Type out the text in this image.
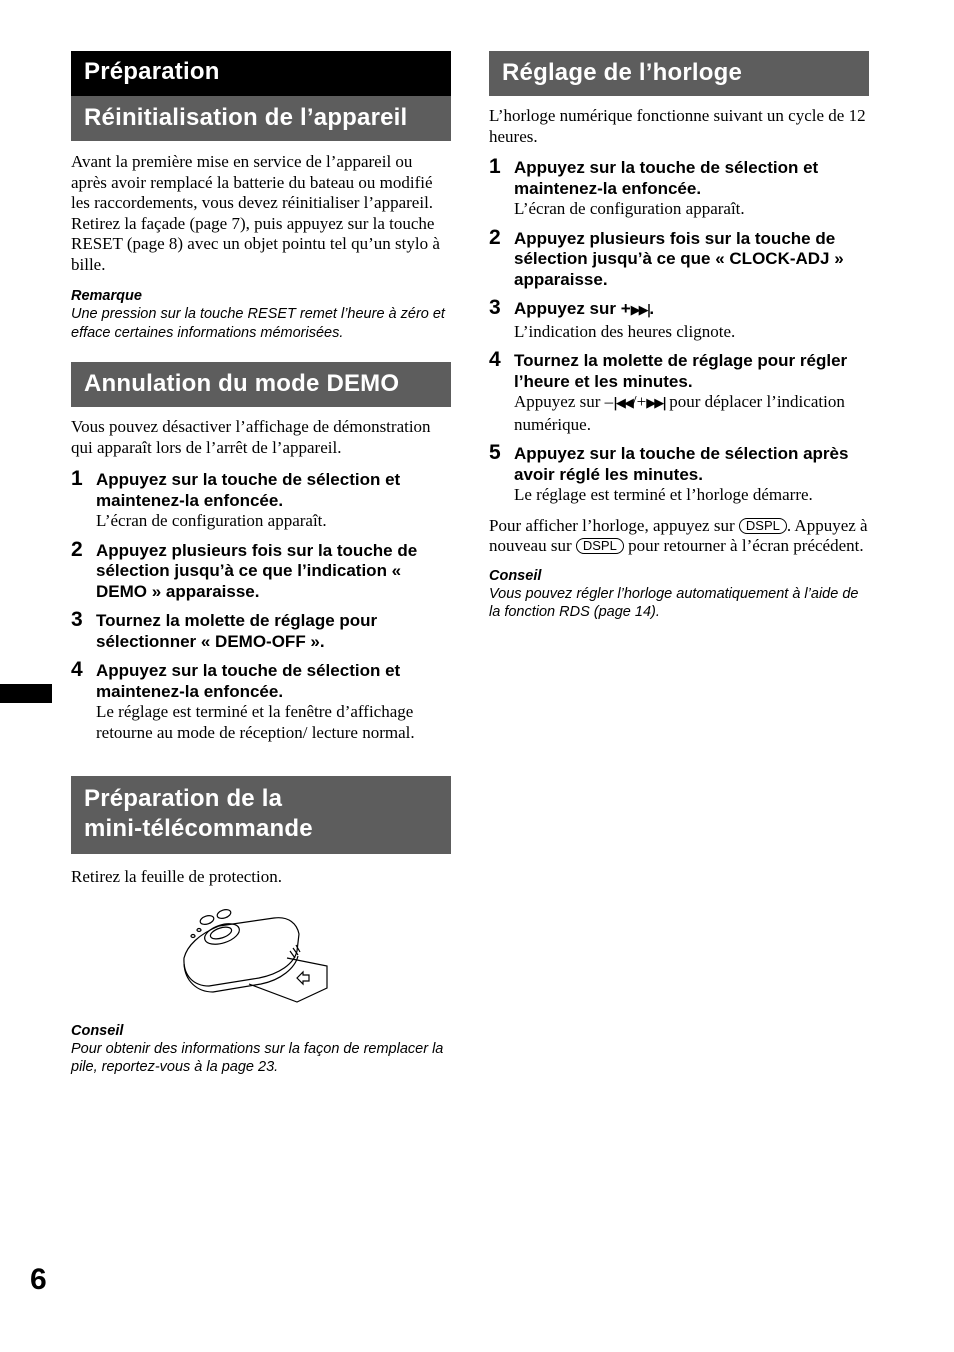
Préparation
Réinitialisation de l’appareil

Avant la première mise en service de l’appareil ou après avoir remplacé la batterie du bateau ou modifié les raccordements, vous devez réinitialiser l’appareil.

Retirez la façade (page 7), puis appuyez sur la touche RESET (page 8) avec un objet pointu tel qu’un stylo à bille.

Remarque

Une pression sur la touche RESET remet l’heure à zéro et efface certaines informations mémorisées.

Annulation du mode DEMO

Vous pouvez désactiver l’affichage de démonstration qui apparaît lors de l’arrêt de l’appareil.

1 Appuyez sur la touche de sélection et maintenez-la enfoncée.

L’écran de configuration apparaît.

2 Appuyez plusieurs fois sur la touche de sélection jusqu’à ce que l’indication « DEMO » apparaisse.

3 Tournez la molette de réglage pour sélectionner « DEMO-OFF ».

4 Appuyez sur la touche de sélection et maintenez-la enfoncée.

Le réglage est terminé et la fenêtre d’affichage retourne au mode de réception/ lecture normal.

Préparation de la
mini-télécommande

Retirez la feuille de protection.

Conseil

Pour obtenir des informations sur la façon de remplacer la pile, reportez-vous à la page 23.

Réglage de l’horloge

L’horloge numérique fonctionne suivant un cycle de 12 heures.

1 Appuyez sur la touche de sélection et maintenez-la enfoncée.

L’écran de configuration apparaît.

2 Appuyez plusieurs fois sur la touche de sélection jusqu’à ce que « CLOCK-ADJ » apparaisse.

3 Appuyez sur +▶▶|.

L’indication des heures clignote.

4 Tournez la molette de réglage pour régler l’heure et les minutes.

Appuyez sur –|◀◀/+▶▶| pour déplacer l’indication numérique.

5 Appuyez sur la touche de sélection après avoir réglé les minutes.

Le réglage est terminé et l’horloge démarre.

Pour afficher l’horloge, appuyez sur DSPL . Appuyez à nouveau sur DSPL pour retourner à l’écran précédent.

Conseil

Vous pouvez régler l’horloge automatiquement à l’aide de la fonction RDS (page 14).

6
